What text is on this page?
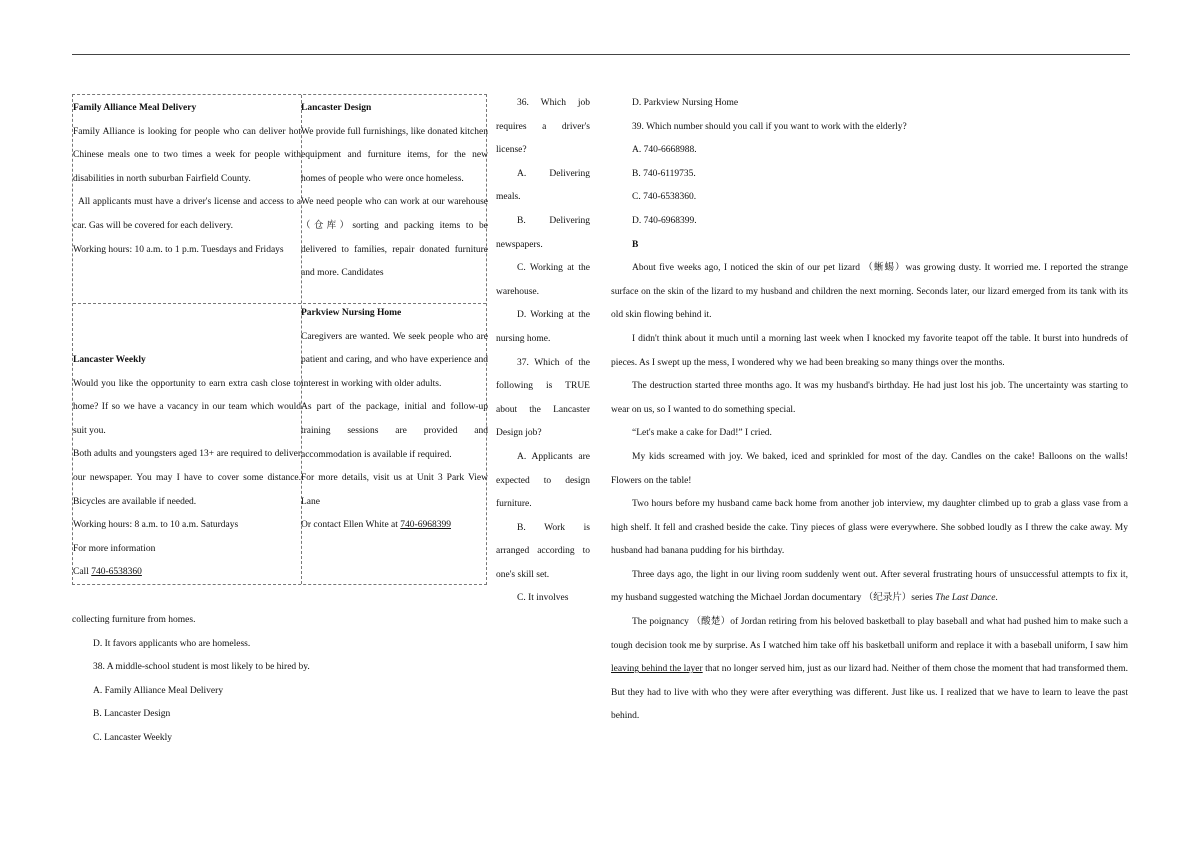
Family Alliance Meal Delivery

Family Alliance is looking for people who can deliver hot Chinese meals one to two times a week for people with disabilities in north suburban Fairfield County.

All applicants must have a driver's license and access to a car. Gas will be covered for each delivery.

Working hours: 10 a.m. to 1 p.m. Tuesdays and Fridays

Lancaster Design

We provide full furnishings, like donated kitchen equipment and furniture items, for the new homes of people who were once homeless.

We need people who can work at our warehouse （仓库）sorting and packing items to be delivered to families, repair donated furniture and more. Candidates

Lancaster Weekly

Would you like the opportunity to earn extra cash close to home? If so we have a vacancy in our team which would suit you.

Both adults and youngsters aged 13+ are required to deliver our newspaper. You may I have to cover some distance. Bicycles are available if needed.

Working hours: 8 a.m. to 10 a.m. Saturdays

For more information

Call 740-6538360

Parkview Nursing Home

Caregivers are wanted. We seek people who are patient and caring, and who have experience and interest in working with older adults.

As part of the package, initial and follow-up training sessions are provided and accommodation is available if required.

For more details, visit us at Unit 3 Park View Lane

Or contact Ellen White at 740-6968399

36. Which job requires a driver's license?

A. Delivering meals.

B. Delivering newspapers.

C. Working at the warehouse.

D. Working at the nursing home.

37. Which of the following is TRUE about the Lancaster Design job?

A. Applicants are expected to design furniture.

B. Work is arranged according to one's skill set.

C. It involves

collecting furniture from homes.

D. It favors applicants who are homeless.

38. A middle-school student is most likely to be hired by.

A. Family Alliance Meal Delivery

B. Lancaster Design

C. Lancaster Weekly

D. Parkview Nursing Home

39. Which number should you call if you want to work with the elderly?

A. 740-6668988.

B. 740-6119735.

C. 740-6538360.

D. 740-6968399.

B

About five weeks ago, I noticed the skin of our pet lizard （蜥蜴）was growing dusty. It worried me. I reported the strange surface on the skin of the lizard to my husband and children the next morning. Seconds later, our lizard emerged from its tank with its old skin flowing behind it.

I didn't think about it much until a morning last week when I knocked my favorite teapot off the table. It burst into hundreds of pieces. As I swept up the mess, I wondered why we had been breaking so many things over the months.

The destruction started three months ago. It was my husband's birthday. He had just lost his job. The uncertainty was starting to wear on us, so I wanted to do something special.

“Let's make a cake for Dad!” I cried.

My kids screamed with joy. We baked, iced and sprinkled for most of the day. Candles on the cake! Balloons on the walls! Flowers on the table!

Two hours before my husband came back home from another job interview, my daughter climbed up to grab a glass vase from a high shelf. It fell and crashed beside the cake. Tiny pieces of glass were everywhere. She sobbed loudly as I threw the cake away. My husband had banana pudding for his birthday.

Three days ago, the light in our living room suddenly went out. After several frustrating hours of unsuccessful attempts to fix it, my husband suggested watching the Michael Jordan documentary （纪录片）series The Last Dance.

The poignancy （酸楚）of Jordan retiring from his beloved basketball to play baseball and what had pushed him to make such a tough decision took me by surprise. As I watched him take off his basketball uniform and replace it with a baseball uniform, I saw him leaving behind the layer that no longer served him, just as our lizard had. Neither of them chose the moment that had transformed them. But they had to live with who they were after everything was different. Just like us. I realized that we have to learn to leave the past behind.
